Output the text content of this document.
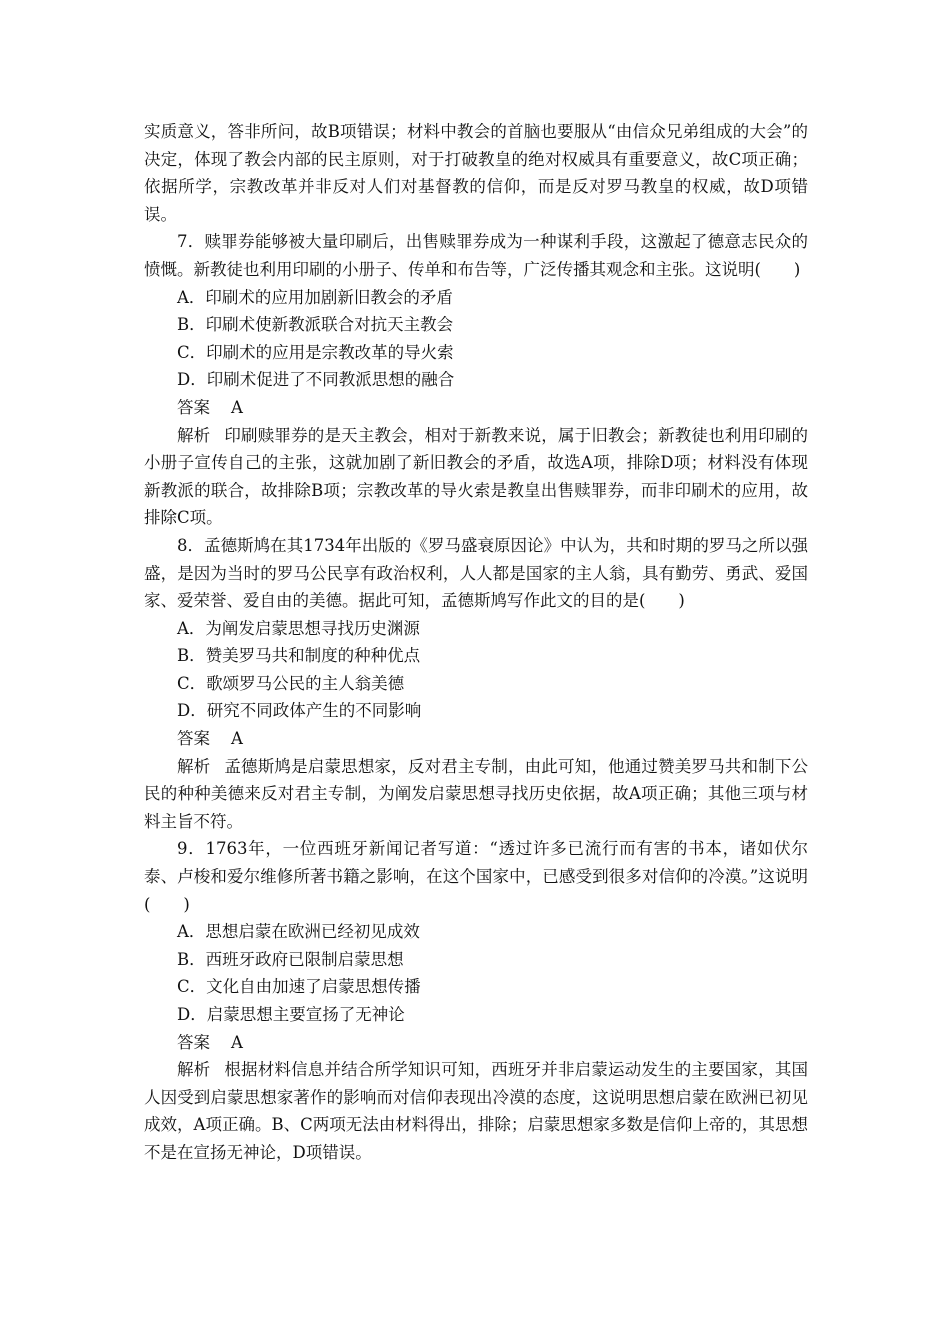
实质意义，答非所问，故B项错误；材料中教会的首脑也要服从“由信众兄弟组成的大会”的决定，体现了教会内部的民主原则，对于打破教皇的绝对权威具有重要意义，故C项正确；依据所学，宗教改革并非反对人们对基督教的信仰，而是反对罗马教皇的权威，故D项错误。

7．赎罪券能够被大量印刷后，出售赎罪券成为一种谋利手段，这激起了德意志民众的愤慨。新教徒也利用印刷的小册子、传单和布告等，广泛传播其观念和主张。这说明(　　)

A．印刷术的应用加剧新旧教会的矛盾

B．印刷术使新教派联合对抗天主教会

C．印刷术的应用是宗教改革的导火索

D．印刷术促进了不同教派思想的融合

答案 A

解析 印刷赎罪券的是天主教会，相对于新教来说，属于旧教会；新教徒也利用印刷的小册子宣传自己的主张，这就加剧了新旧教会的矛盾，故选A项，排除D项；材料没有体现新教派的联合，故排除B项；宗教改革的导火索是教皇出售赎罪券，而非印刷术的应用，故排除C项。

8．孟德斯鸠在其1734年出版的《罗马盛衰原因论》中认为，共和时期的罗马之所以强盛，是因为当时的罗马公民享有政治权利，人人都是国家的主人翁，具有勤劳、勇武、爱国家、爱荣誉、爱自由的美德。据此可知，孟德斯鸠写作此文的目的是(　　)

A．为阐发启蒙思想寻找历史渊源

B．赞美罗马共和制度的种种优点

C．歌颂罗马公民的主人翁美德

D．研究不同政体产生的不同影响

答案 A

解析 孟德斯鸠是启蒙思想家，反对君主专制，由此可知，他通过赞美罗马共和制下公民的种种美德来反对君主专制，为阐发启蒙思想寻找历史依据，故A项正确；其他三项与材料主旨不符。

9．1763年，一位西班牙新闻记者写道：“透过许多已流行而有害的书本，诸如伏尔泰、卢梭和爱尔维修所著书籍之影响，在这个国家中，已感受到很多对信仰的冷漠。”这说明(　　)

A．思想启蒙在欧洲已经初见成效

B．西班牙政府已限制启蒙思想

C．文化自由加速了启蒙思想传播

D．启蒙思想主要宣扬了无神论

答案 A

解析 根据材料信息并结合所学知识可知，西班牙并非启蒙运动发生的主要国家，其国人因受到启蒙思想家著作的影响而对信仰表现出冷漠的态度，这说明思想启蒙在欧洲已初见成效，A项正确。B、C两项无法由材料得出，排除；启蒙思想家多数是信仰上帝的，其思想不是在宣扬无神论，D项错误。
